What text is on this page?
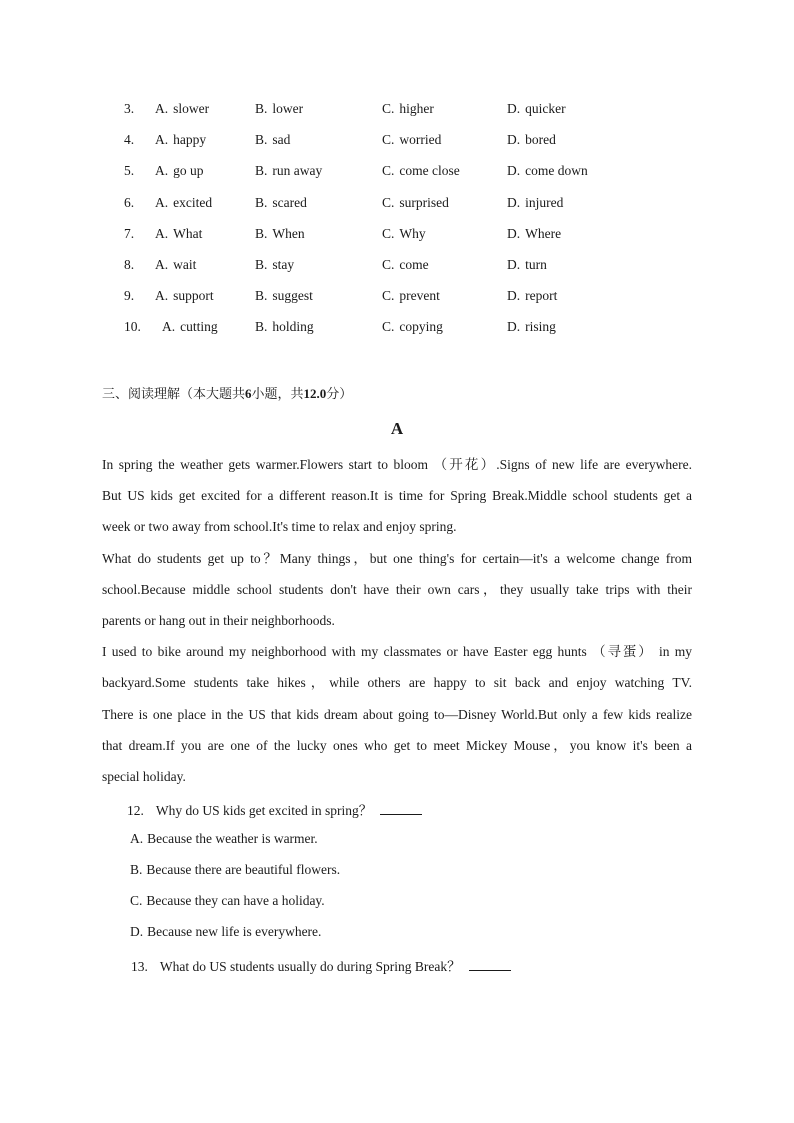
3.	A. slower	B. lower	C. higher	D. quicker
4.	A. happy	B. sad	C. worried	D. bored
5.	A. go up	B. run away	C. come close	D. come down
6.	A. excited	B. scared	C. surprised	D. injured
7.	A. What	B. When	C. Why	D. Where
8.	A. wait	B. stay	C. come	D. turn
9.	A. support	B. suggest	C. prevent	D. report
10.	A. cutting	B. holding	C. copying	D. rising
三、阅读理解（本大题共6小题，共12.0分）
A
In spring the weather gets warmer.Flowers start to bloom （开花）.Signs of new life are everywhere.
But US kids get excited for a different reason.It is time for Spring Break.Middle school students get a
week or two away from school.It's time to relax and enjoy spring.
What do students get up to？Many things，but one thing's for certain—it's a welcome change from
school.Because middle school students don't have their own cars，they usually take trips with their
parents or hang out in their neighborhoods.
I used to bike around my neighborhood with my classmates or have Easter egg hunts （寻蛋） in my
backyard.Some students take hikes，while others are happy to sit back and enjoy watching TV.
There is one place in the US that kids dream about going to—Disney World.But only a few kids realize
that dream.If you are one of the lucky ones who get to meet Mickey Mouse，you know it's been a
special holiday.
12. Why do US kids get excited in spring？
A. Because the weather is warmer.
B. Because there are beautiful flowers.
C. Because they can have a holiday.
D. Because new life is everywhere.
13. What do US students usually do during Spring Break？
